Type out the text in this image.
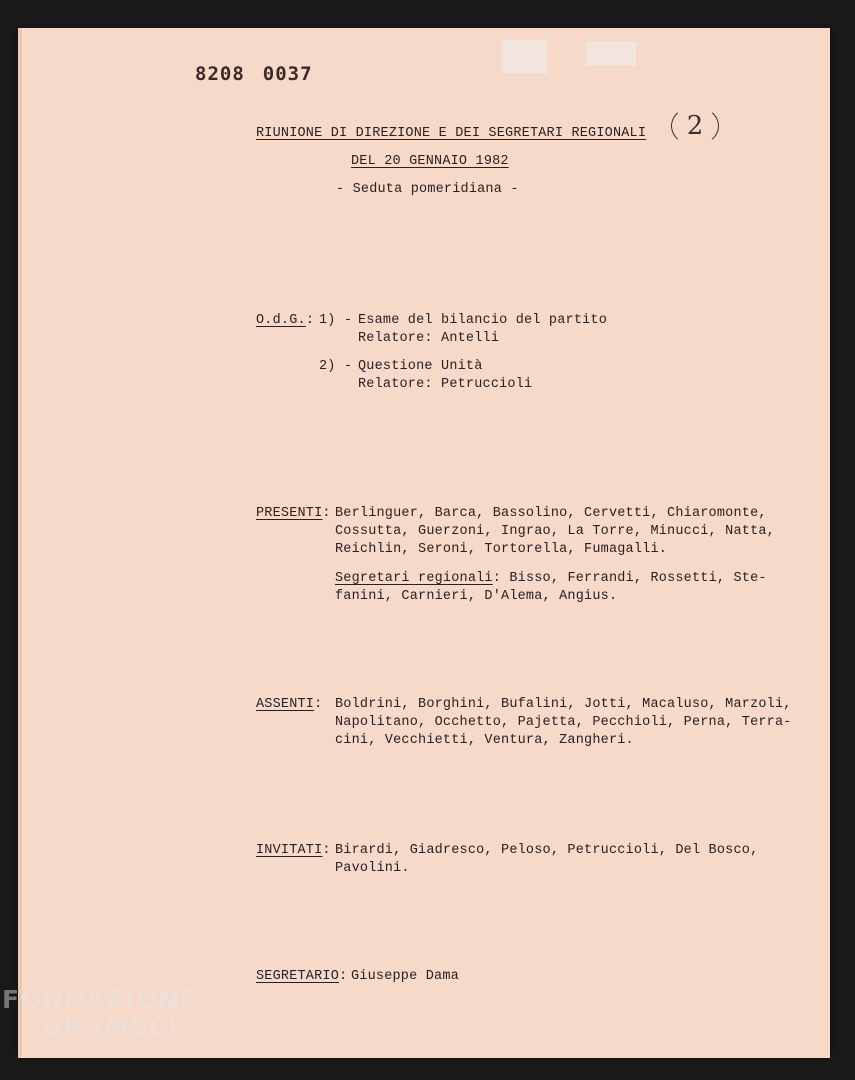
8208 0037
2
RIUNIONE DI DIREZIONE E DEI SEGRETARI REGIONALI
DEL 20 GENNAIO 1982
- Seduta pomeridiana -
O.d.G.: 1) - Esame del bilancio del partito
Relatore: Antelli
2) - Questione Unità
Relatore: Petruccioli
PRESENTI: Berlinguer, Barca, Bassolino, Cervetti, Chiaromonte,
Cossutta, Guerzoni, Ingrao, La Torre, Minucci, Natta,
Reichlin, Seroni, Tortorella, Fumagalli.
Segretari regionali: Bisso, Ferrandi, Rossetti, Ste-
fanini, Carnieri, D'Alema, Angius.
ASSENTI: Boldrini, Borghini, Bufalini, Jotti, Macaluso, Marzoli,
Napolitano, Occhetto, Pajetta, Pecchioli, Perna, Terra-
cini, Vecchietti, Ventura, Zangheri.
INVITATI: Birardi, Giadresco, Peloso, Petruccioli, Del Bosco,
Pavolini.
SEGRETARIO: Giuseppe Dama
FONDAZIONE
GRAMSCI
onlus
